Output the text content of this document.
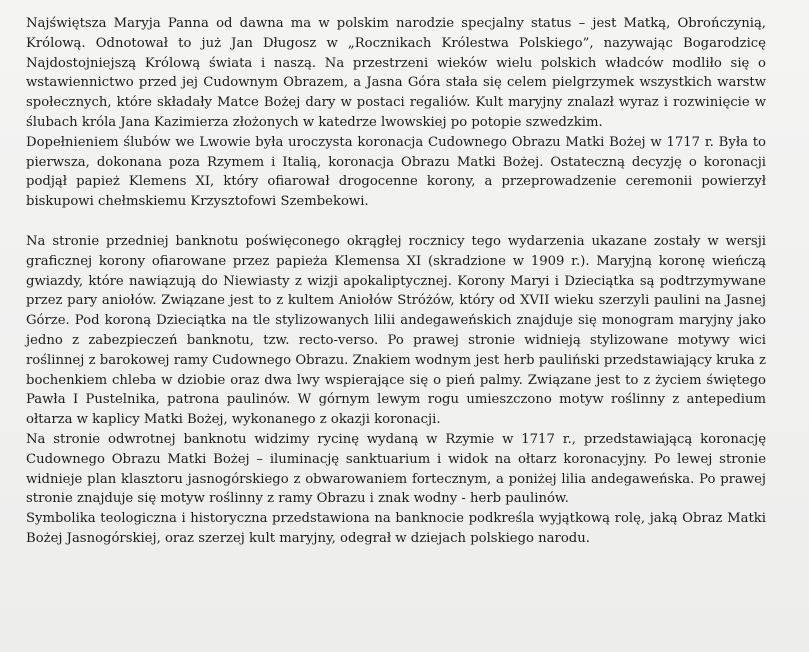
Najświętsza Maryja Panna od dawna ma w polskim narodzie specjalny status – jest Matką, Obrończynią, Królową. Odnotował to już Jan Długosz w „Rocznikach Królestwa Polskiego”, nazywając Bogarodzicę Najdostojniejszą Królową świata i naszą. Na przestrzeni wieków wielu polskich władców modliło się o wstawiennictwo przed jej Cudownym Obrazem, a Jasna Góra stała się celem pielgrzymek wszystkich warstw społecznych, które składały Matce Bożej dary w postaci regaliów. Kult maryjny znalazł wyraz i rozwinięcie w ślubach króla Jana Kazimierza złożonych w katedrze lwowskiej po potopie szwedzkim.

Dopełnieniem ślubów we Lwowie była uroczysta koronacja Cudownego Obrazu Matki Bożej w 1717 r. Była to pierwsza, dokonana poza Rzymem i Italią, koronacja Obrazu Matki Bożej. Ostateczną decyzję o koronacji podjął papież Klemens XI, który ofiarował drogocenne korony, a przeprowadzenie ceremonii powierzył biskupowi chełmskiemu Krzysztofowi Szembekowi.

Na stronie przedniej banknotu poświęconego okrągłej rocznicy tego wydarzenia ukazane zostały w wersji graficznej korony ofiarowane przez papieża Klemensa XI (skradzione w 1909 r.). Maryjną koronę wieńczą gwiazdy, które nawiązują do Niewiasty z wizji apokaliptycznej. Korony Maryi i Dzieciątka są podtrzymywane przez pary aniołów. Związane jest to z kultem Aniołów Stróżów, który od XVII wieku szerzyli paulini na Jasnej Górze. Pod koroną Dzieciątka na tle stylizowanych lilii andegaweńskich znajduje się monogram maryjny jako jedno z zabezpieczeń banknotu, tzw. recto-verso. Po prawej stronie widnieją stylizowane motywy wici roślinnej z barokowej ramy Cudownego Obrazu. Znakiem wodnym jest herb pauliński przedstawiający kruka z bochenkiem chleba w dziobie oraz dwa lwy wspierające się o pień palmy. Związane jest to z życiem świętego Pawła I Pustelnika, patrona paulinów. W górnym lewym rogu umieszczono motyw roślinny z antepedium ołtarza w kaplicy Matki Bożej, wykonanego z okazji koronacji.

Na stronie odwrotnej banknotu widzimy rycinę wydaną w Rzymie w 1717 r., przedstawiającą koronację Cudownego Obrazu Matki Bożej – iluminację sanktuarium i widok na ołtarz koronacyjny. Po lewej stronie widnieje plan klasztoru jasnogórskiego z obwarowaniem fortecznym, a poniżej lilia andegaweńska. Po prawej stronie znajduje się motyw roślinny z ramy Obrazu i znak wodny - herb paulinów.

Symbolika teologiczna i historyczna przedstawiona na banknocie podkreśla wyjątkową rolę, jaką Obraz Matki Bożej Jasnogórskiej, oraz szerzej kult maryjny, odegrał w dziejach polskiego narodu.
